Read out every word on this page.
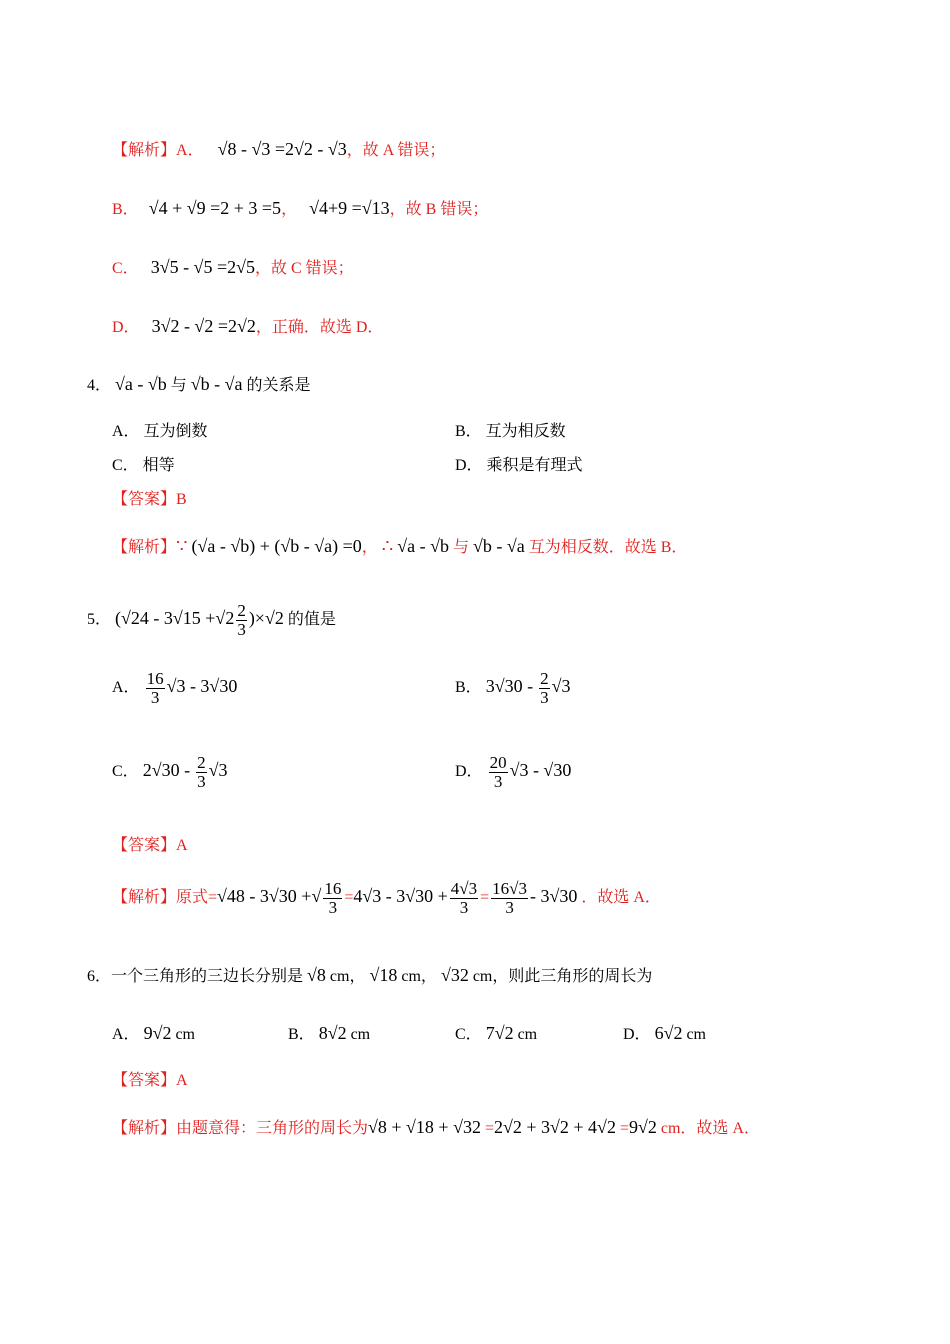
【解析】A． √8 - √3 =2√2 - √3，故 A 错误；
B． √4 + √9 =2 + 3 =5， √4+9 =√13，故 B 错误；
C． 3√5 - √5 =2√5，故 C 错误；
D． 3√2 - √2 =2√2，正确．故选 D．
4． √a - √b 与 √b - √a 的关系是
A． 互为倒数	B． 互为相反数
C． 相等	D． 乘积是有理式
【答案】B
【解析】∵ (√a - √b) + (√b - √a) =0， ∴ √a - √b 与 √b - √a 互为相反数．故选 B．
5． $(√24 - 3√15 +√2 \frac{2}{3} )\times√2$ 的值是
A． $\frac{16}{3} √3 - 3√30$	B． $3√30 - \frac{2}{3} √3$
C． $2√30 - \frac{2}{3} √3$	D． $\frac{20}{3} √3 - √30$
【答案】A
【解析】原式=√48 - 3√30 +√ $\frac{16}{3} =4√3 - 3√30 + \frac{4√3}{3} = \frac{16√3}{3} - 3√30$ ．故选 A．
6．一个三角形的三边长分别是 √8 cm， √18 cm， √32 cm，则此三角形的周长为
A． 9√2 cm	B． 8√2 cm	C． 7√2 cm	D． 6√2 cm
【答案】A
【解析】由题意得：三角形的周长为√8 + √18 + √32 =2√2 + 3√2 + 4√2 =9√2 cm．故选 A．
